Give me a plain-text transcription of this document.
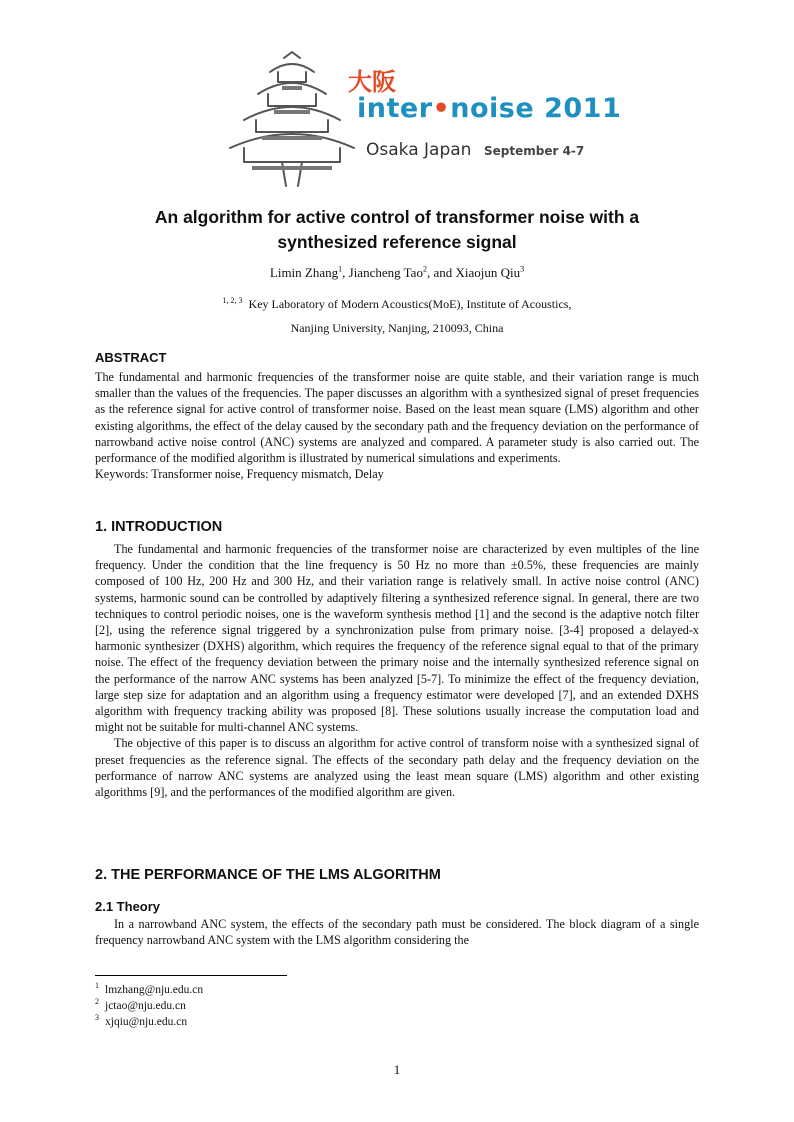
大阪
inter•noise 2011
Osaka Japan September 4-7
An algorithm for active control of transformer noise with a
synthesized reference signal
Limin Zhang$^1$, Jiancheng Tao$^2$, and Xiaojun Qiu$^3$
$^{1, 2, 3}$ Key Laboratory of Modern Acoustics(MoE), Institute of Acoustics,
Nanjing University, Nanjing, 210093, China
ABSTRACT

The fundamental and harmonic frequencies of the transformer noise are quite stable, and their variation range is much smaller than the values of the frequencies. The paper discusses an algorithm with a synthesized signal of preset frequencies as the reference signal for active control of transformer noise. Based on the least mean square (LMS) algorithm and other existing algorithms, the effect of the delay caused by the secondary path and the frequency deviation on the performance of narrowband active noise control (ANC) systems are analyzed and compared. A parameter study is also carried out. The performance of the modified algorithm is illustrated by numerical simulations and experiments.

Keywords: Transformer noise, Frequency mismatch, Delay

1. INTRODUCTION

The fundamental and harmonic frequencies of the transformer noise are characterized by even multiples of the line frequency. Under the condition that the line frequency is 50 Hz no more than ±0.5%, these frequencies are mainly composed of 100 Hz, 200 Hz and 300 Hz, and their variation range is relatively small. In active noise control (ANC) systems, harmonic sound can be controlled by adaptively filtering a synthesized reference signal. In general, there are two techniques to control periodic noises, one is the waveform synthesis method [1] and the second is the adaptive notch filter [2], using the reference signal triggered by a synchronization pulse from primary noise. [3-4] proposed a delayed-x harmonic synthesizer (DXHS) algorithm, which requires the frequency of the reference signal equal to that of the primary noise. The effect of the frequency deviation between the primary noise and the internally synthesized reference signal on the performance of the narrow ANC systems has been analyzed [5-7]. To minimize the effect of the frequency deviation, large step size for adaptation and an algorithm using a frequency estimator were developed [7], and an extended DXHS algorithm with frequency tracking ability was proposed [8]. These solutions usually increase the computation load and might not be suitable for multi-channel ANC systems.

The objective of this paper is to discuss an algorithm for active control of transform noise with a synthesized signal of preset frequencies as the reference signal. The effects of the secondary path delay and the frequency deviation on the performance of narrow ANC systems are analyzed using the least mean square (LMS) algorithm and other existing algorithms [9], and the performances of the modified algorithm are given.

2. THE PERFORMANCE OF THE LMS ALGORITHM
2.1 Theory

In a narrowband ANC system, the effects of the secondary path must be considered. The block diagram of a single frequency narrowband ANC system with the LMS algorithm considering the

$^1$ lmzhang@nju.edu.cn
$^2$ jctao@nju.edu.cn
$^3$ xjqiu@nju.edu.cn
1
